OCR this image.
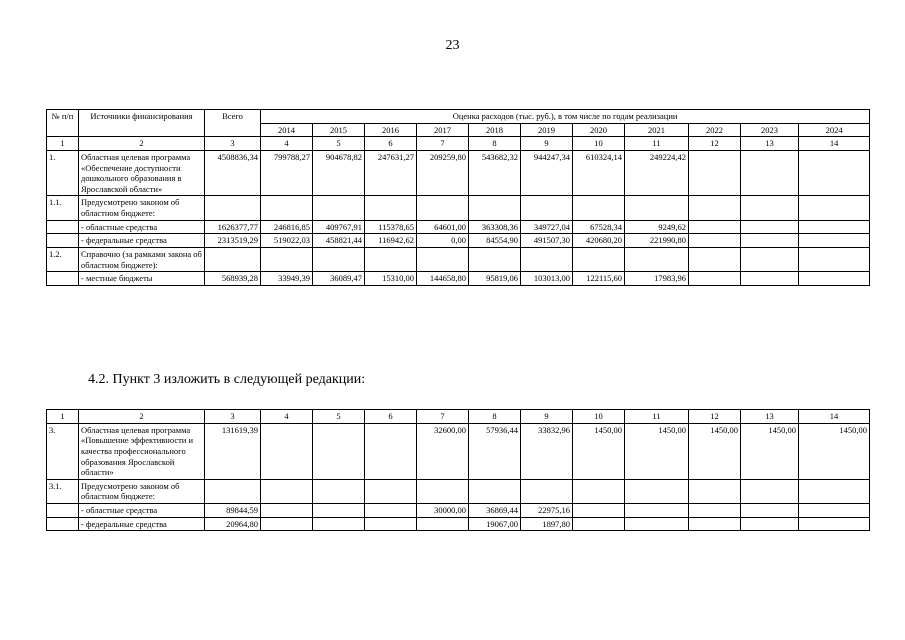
23
№ п/п	Источники финансирования	Всего	Оценка расходов (тыс. руб.), в том числе по годам реализации										
			2014	2015	2016	2017	2018	2019	2020	2021	2022	2023	2024
1	2	3	4	5	6	7	8	9	10	11	12	13	14
1.	Областная целевая программа «Обеспечение доступности дошкольного образования в Ярославской области»	4508836,34	799788,27	904678,82	247631,27	209259,80	543682,32	944247,34	610324,14	249224,42			
1.1.	Предусмотрено законом об областном бюджете:												
	- областные средства	1626377,77	246816,85	409767,91	115378,65	64601,00	363308,36	349727,04	67528,34	9249,62			
	- федеральные средства	2313519,29	519022,03	458821,44	116942,62	0,00	84554,90	491507,30	420680,20	221990,80			
1.2.	Справочно (за рамками закона об областном бюджете):												
	- местные бюджеты	568939,28	33949,39	36089,47	15310,00	144658,80	95819,06	103013,00	122115,60	17983,96			
4.2. Пункт 3 изложить в следующей редакции:
1	2	3	4	5	6	7	8	9	10	11	12	13	14
3.	Областная целевая программа «Повышение эффективности и качества профессионального образования Ярославской области»	131619,39				32600,00	57936,44	33832,96	1450,00	1450,00	1450,00	1450,00	1450,00
3.1.	Предусмотрено законом об областном бюджете:												
	- областные средства	89844,59				30000,00	36869,44	22975,16					
	- федеральные средства	20964,80					19067,00	1897,80					
